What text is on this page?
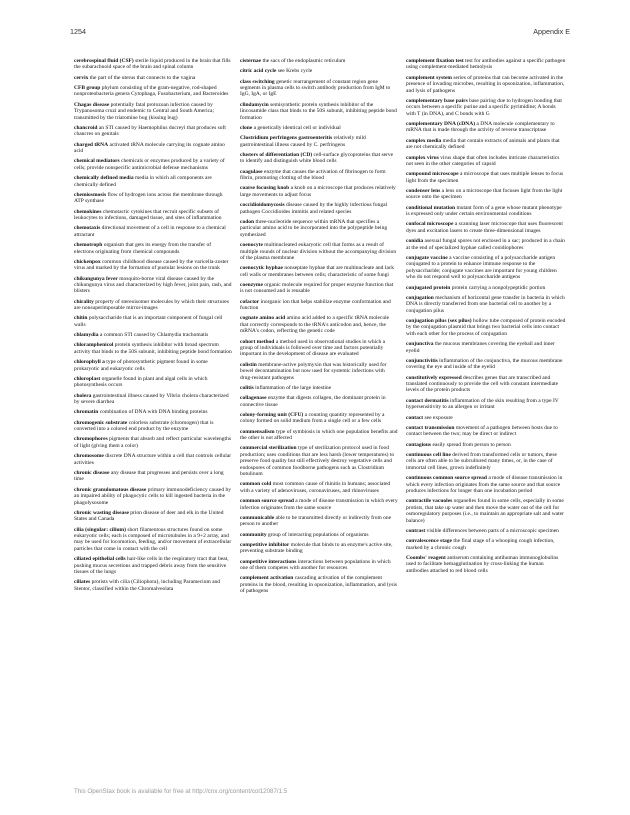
1254	Appendix E

cerebrospinal fluid (CSF) sterile liquid produced in the brain that fills the subarachnoid space of the brain and spinal column

cervix the part of the uterus that connects to the vagina

CFB group phylum consisting of the gram-negative, rod-shaped nonproteobacteria genera Cytophaga, Fusobacterium, and Bacteroides

Chagas disease potentially fatal protozoan infection caused by Trypanosoma cruzi and endemic to Central and South America; transmitted by the triatomine bug (kissing bug)

chancroid an STI caused by Haemophilus ducreyi that produces soft chancres on genitals

charged tRNA activated tRNA molecule carrying its cognate amino acid

chemical mediators chemicals or enzymes produced by a variety of cells; provide nonspecific antimicrobial defense mechanisms

chemically defined media media in which all components are chemically defined

chemiosmosis flow of hydrogen ions across the membrane through ATP synthase

chemokines chemotactic cytokines that recruit specific subsets of leukocytes to infections, damaged tissue, and sites of inflammation

chemotaxis directional movement of a cell in response to a chemical attractant

chemotroph organism that gets its energy from the transfer of electrons originating from chemical compounds

chickenpox common childhood disease caused by the varicella-zoster virus and marked by the formation of pustular lesions on the trunk

chikungunya fever mosquito-borne viral disease caused by the chikungunya virus and characterized by high fever, joint pain, rash, and blisters

chirality property of stereoisomer molecules by which their structures are nonsuperimposable mirror-images

chitin polysaccharide that is an important component of fungal cell walls

chlamydia a common STI caused by Chlamydia trachomatis

chloramphenicol protein synthesis inhibitor with broad spectrum activity that binds to the 50S subunit, inhibiting peptide bond formation

chlorophyll a type of photosynthetic pigment found in some prokaryotic and eukaryotic cells

chloroplast organelle found in plant and algal cells in which photosynthesis occurs

cholera gastrointestinal illness caused by Vibrio cholera characterized by severe diarrhea

chromatin combination of DNA with DNA binding proteins

chromogenic substrate colorless substrate (chromogen) that is converted into a colored end product by the enzyme

chromophores pigments that absorb and reflect particular wavelengths of light (giving them a color)

chromosome discrete DNA structure within a cell that controls cellular activities

chronic disease any disease that progresses and persists over a long time

chronic granulomatous disease primary immunodeficiency caused by an impaired ability of phagocytic cells to kill ingested bacteria in the phagolysosome

chronic wasting disease prion disease of deer and elk in the United States and Canada

cilia (singular: cilium) short filamentous structures found on some eukaryotic cells; each is composed of microtubules in a 9+2 array, and may be used for locomotion, feeding, and/or movement of extracellular particles that come in contact with the cell

ciliated epithelial cells hair-like cells in the respiratory tract that beat, pushing mucus secretions and trapped debris away from the sensitive tissues of the lungs

ciliates protists with cilia (Ciliophora), including Paramecium and Stentor, classified within the Chromalveolata

cisternae the sacs of the endoplasmic reticulum

citric acid cycle see Krebs cycle

class switching genetic rearrangement of constant region gene segments in plasma cells to switch antibody production from IgM to IgG, IgA, or IgE

clindamycin semisynthetic protein synthesis inhibitor of the lincosamide class that binds to the 50S subunit, inhibiting peptide bond formation

clone a genetically identical cell or individual

Clostridium perfringens gastroenteritis relatively mild gastrointestinal illness caused by C. perfringens

clusters of differentiation (CD) cell-surface glycoproteins that serve to identify and distinguish white blood cells

coagulase enzyme that causes the activation of fibrinogen to form fibrin, promoting clotting of the blood

coarse focusing knob a knob on a microscope that produces relatively large movements to adjust focus

coccidioidomycosis disease caused by the highly infectious fungal pathogen Coccidioides immitis and related species

codon three-nucleotide sequence within mRNA that specifies a particular amino acid to be incorporated into the polypeptide being synthesized

coenocyte multinucleated eukaryotic cell that forms as a result of multiple rounds of nuclear division without the accompanying division of the plasma membrane

coenocytic hyphae nonseptate hyphae that are multinucleate and lack cell walls or membranes between cells; characteristic of some fungi

coenzyme organic molecule required for proper enzyme function that is not consumed and is reusable

cofactor inorganic ion that helps stabilize enzyme conformation and function

cognate amino acid amino acid added to a specific tRNA molecule that correctly corresponds to the tRNA's anticodon and, hence, the mRNA's codon, reflecting the genetic code

cohort method a method used in observational studies in which a group of individuals is followed over time and factors potentially important in the development of disease are evaluated

colistin membrane-active polymyxin that was historically used for bowel decontamination but now used for systemic infections with drug-resistant pathogens

colitis inflammation of the large intestine

collagenase enzyme that digests collagen, the dominant protein in connective tissue

colony-forming unit (CFU) a counting quantity represented by a colony formed on solid medium from a single cell or a few cells

commensalism type of symbiosis in which one population benefits and the other is not affected

commercial sterilization type of sterilization protocol used in food production; uses conditions that are less harsh (lower temperatures) to preserve food quality but still effectively destroy vegetative cells and endospores of common foodborne pathogens such as Clostridium botulinum

common cold most common cause of rhinitis in humans; associated with a variety of adenoviruses, coronaviruses, and rhinoviruses

common source spread a mode of disease transmission in which every infection originates from the same source

communicable able to be transmitted directly or indirectly from one person to another

community group of interacting populations of organisms

competitive inhibitor molecule that binds to an enzyme's active site, preventing substrate binding

competitive interactions interactions between populations in which one of them competes with another for resources

complement activation cascading activation of the complement proteins in the blood, resulting in opsonization, inflammation, and lysis of pathogens

complement fixation test test for antibodies against a specific pathogen using complement-mediated hemolysis

complement system series of proteins that can become activated in the presence of invading microbes, resulting in opsonization, inflammation, and lysis of pathogens

complementary base pairs base pairing due to hydrogen bonding that occurs between a specific purine and a specific pyrimidine; A bonds with T (in DNA), and C bonds with G

complementary DNA (cDNA) a DNA molecule complementary to mRNA that is made through the activity of reverse transcriptase

complex media media that contain extracts of animals and plants that are not chemically defined

complex virus virus shape that often includes intricate characteristics not seen in the other categories of capsid

compound microscope a microscope that uses multiple lenses to focus light from the specimen

condenser lens a lens on a microscope that focuses light from the light source onto the specimen

conditional mutation mutant form of a gene whose mutant phenotype is expressed only under certain environmental conditions

confocal microscope a scanning laser microscope that uses fluorescent dyes and excitation lasers to create three-dimensional images

conidia asexual fungal spores not enclosed in a sac; produced in a chain at the end of specialized hyphae called conidiophores

conjugate vaccine a vaccine consisting of a polysaccharide antigen conjugated to a protein to enhance immune response to the polysaccharide; conjugate vaccines are important for young children who do not respond well to polysaccharide antigens

conjugated protein protein carrying a nonpolypeptidic portion

conjugation mechanism of horizontal gene transfer in bacteria in which DNA is directly transferred from one bacterial cell to another by a conjugation pilus

conjugation pilus (sex pilus) hollow tube composed of protein encoded by the conjugation plasmid that brings two bacterial cells into contact with each other for the process of conjugation

conjunctiva the mucous membranes covering the eyeball and inner eyelid

conjunctivitis inflammation of the conjunctiva, the mucous membrane covering the eye and inside of the eyelid

constitutively expressed describes genes that are transcribed and translated continuously to provide the cell with constant intermediate levels of the protein products

contact dermatitis inflammation of the skin resulting from a type IV hypersensitivity to an allergen or irritant

contact see exposure

contact transmission movement of a pathogen between hosts due to contact between the two; may be direct or indirect

contagious easily spread from person to person

continuous cell line derived from transformed cells or tumors, these cells are often able to be subcultured many times, or, in the case of immortal cell lines, grown indefinitely

continuous common source spread a mode of disease transmission in which every infection originates from the same source and that source produces infections for longer than one incubation period

contractile vacuoles organelles found in some cells, especially in some protists, that take up water and then move the water out of the cell for osmoregulatory purposes (i.e., to maintain an appropriate salt and water balance)

contrast visible differences between parts of a microscopic specimen

convalescence stage the final stage of a whooping cough infection, marked by a chronic cough

Coombs' reagent antiserum containing antihuman immunoglobulins used to facilitate hemagglutination by cross-linking the human antibodies attached to red blood cells

This OpenStax book is available for free at http://cnx.org/content/col12087/1.5
